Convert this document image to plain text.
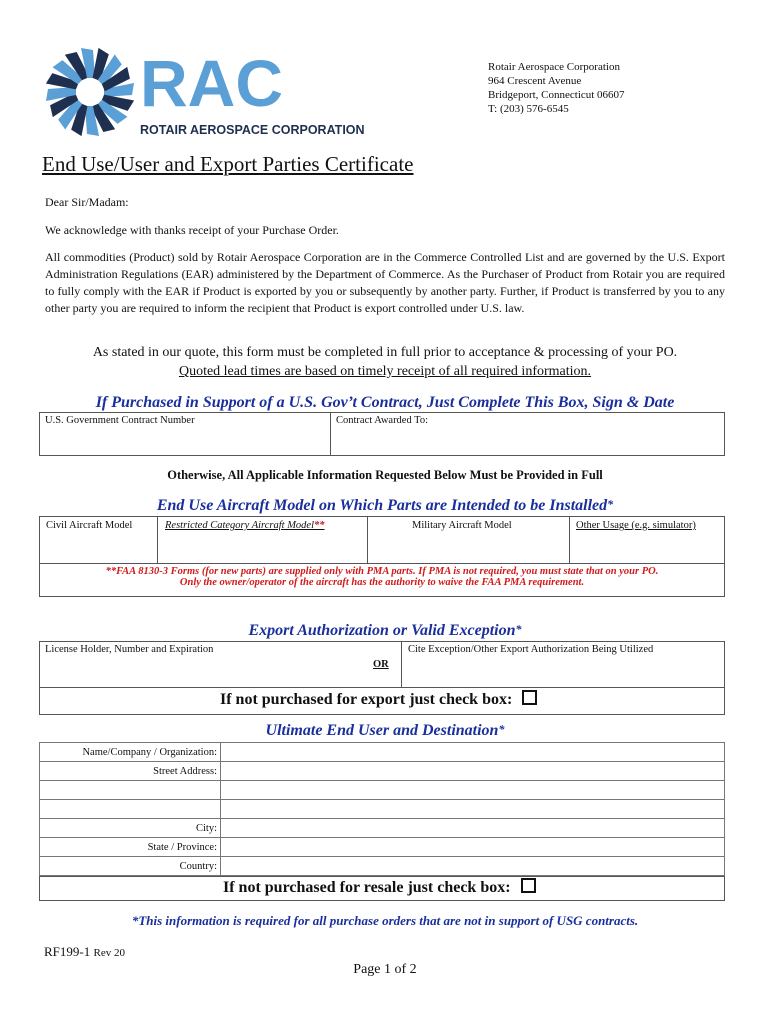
RAC
ROTAIR AEROSPACE CORPORATION
Rotair Aerospace Corporation
964 Crescent Avenue
Bridgeport, Connecticut 06607
T: (203) 576-6545
End Use/User and Export Parties Certificate
Dear Sir/Madam:
We acknowledge with thanks receipt of your Purchase Order.
All commodities (Product) sold by Rotair Aerospace Corporation are in the Commerce Controlled List and are governed by the U.S. Export Administration Regulations (EAR) administered by the Department of Commerce. As the Purchaser of Product from Rotair you are required to fully comply with the EAR if Product is exported by you or subsequently by another party. Further, if Product is transferred by you to any other party you are required to inform the recipient that Product is export controlled under U.S. law.
As stated in our quote, this form must be completed in full prior to acceptance & processing of your PO.
Quoted lead times are based on timely receipt of all required information.
If Purchased in Support of a U.S. Gov’t Contract, Just Complete This Box, Sign & Date
U.S. Government Contract Number	Contract Awarded To:
Otherwise, All Applicable Information Requested Below Must be Provided in Full
End Use Aircraft Model on Which Parts are Intended to be Installed*
Civil Aircraft Model	Restricted Category Aircraft Model**	Military Aircraft Model	Other Usage (e.g. simulator)
**FAA 8130-3 Forms (for new parts) are supplied only with PMA parts. If PMA is not required, you must state that on your PO.
Only the owner/operator of the aircraft has the authority to waive the FAA PMA requirement.
Export Authorization or Valid Exception*
License Holder, Number and Expiration
OR
Cite Exception/Other Export Authorization Being Utilized
If not purchased for export just check box:
Ultimate End User and Destination*
Name/Company / Organization:	
Street Address:	

City:	
State / Province:	
Country:	
If not purchased for resale just check box:
*This information is required for all purchase orders that are not in support of USG contracts.
RF199-1 Rev 20
Page 1 of 2
